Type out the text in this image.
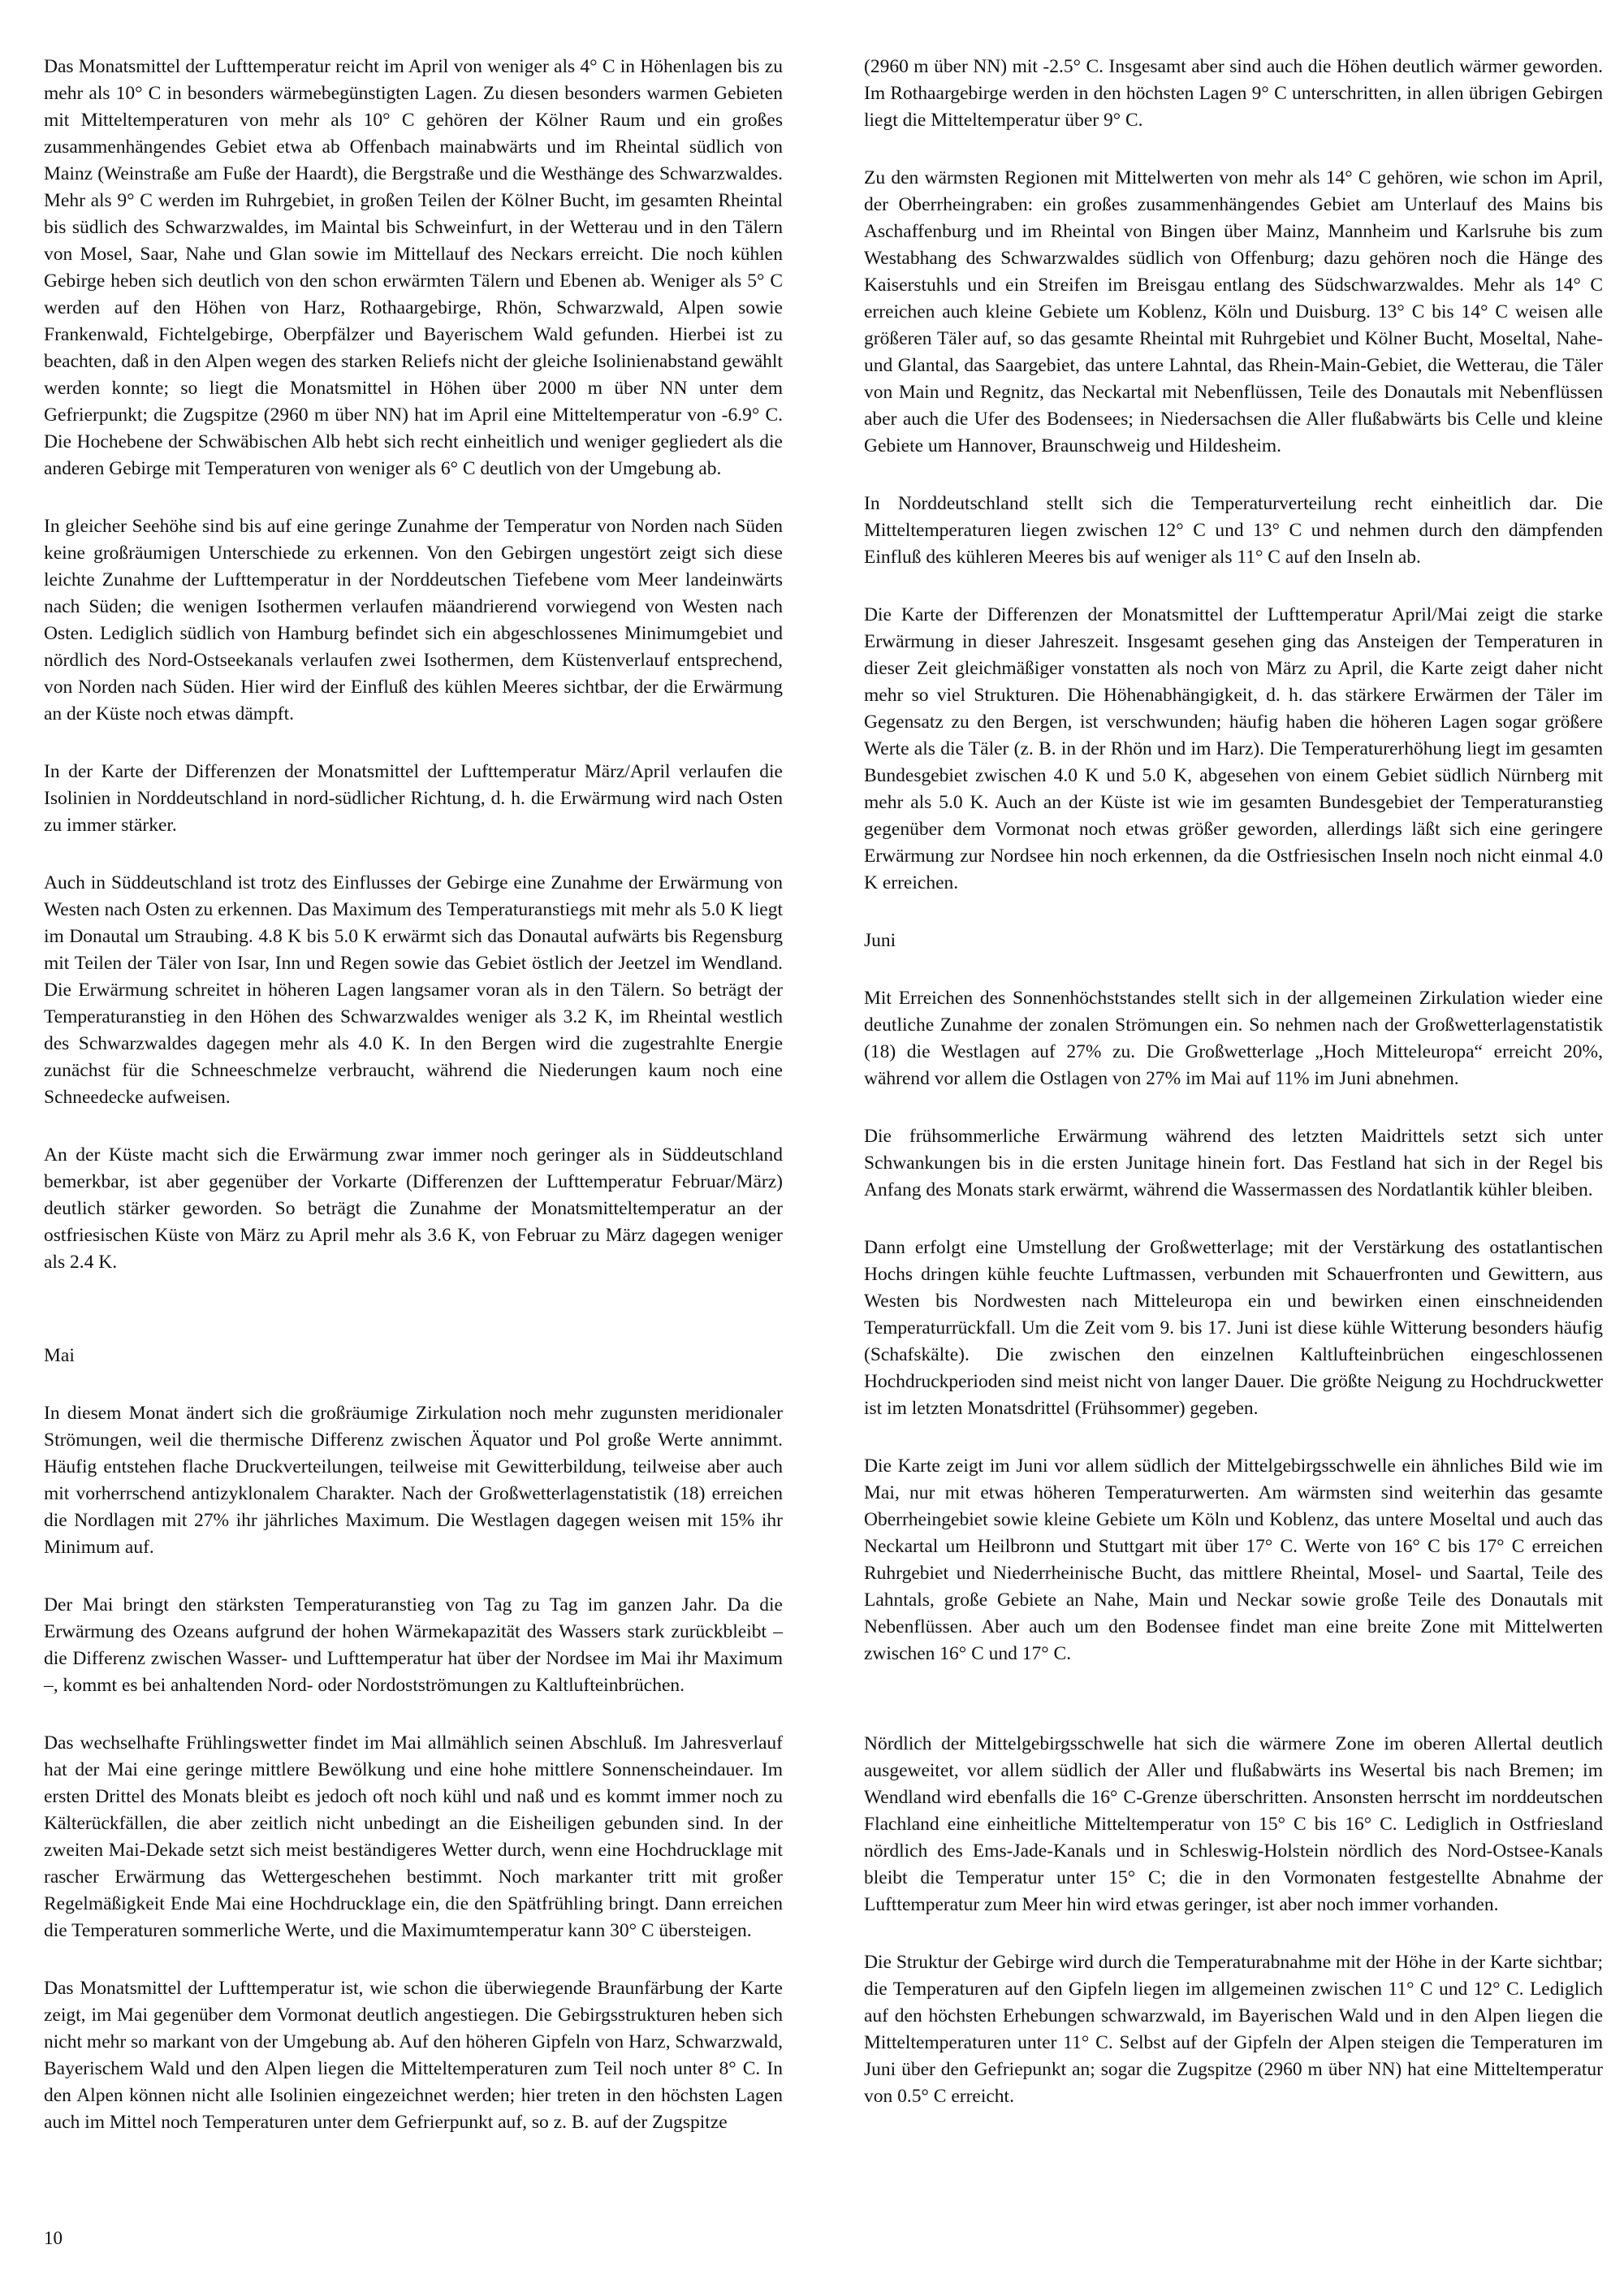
Das Monatsmittel der Lufttemperatur reicht im April von weniger als 4° C in Höhenlagen bis zu mehr als 10° C in besonders wärmebegünstigten Lagen. Zu diesen besonders warmen Gebieten mit Mitteltemperaturen von mehr als 10° C gehören der Kölner Raum und ein großes zusammenhängendes Gebiet etwa ab Offenbach mainabwärts und im Rheintal südlich von Mainz (Weinstraße am Fuße der Haardt), die Bergstraße und die Westhänge des Schwarzwaldes. Mehr als 9° C werden im Ruhrgebiet, in großen Teilen der Kölner Bucht, im gesamten Rheintal bis südlich des Schwarzwaldes, im Maintal bis Schweinfurt, in der Wetterau und in den Tälern von Mosel, Saar, Nahe und Glan sowie im Mittellauf des Neckars erreicht. Die noch kühlen Gebirge heben sich deutlich von den schon erwärmten Tälern und Ebenen ab. Weniger als 5° C werden auf den Höhen von Harz, Rothaargebirge, Rhön, Schwarzwald, Alpen sowie Frankenwald, Fichtelgebirge, Oberpfälzer und Bayerischem Wald gefunden. Hierbei ist zu beachten, daß in den Alpen wegen des starken Reliefs nicht der gleiche Isolinienabstand gewählt werden konnte; so liegt die Monatsmittel in Höhen über 2000 m über NN unter dem Gefrierpunkt; die Zugspitze (2960 m über NN) hat im April eine Mitteltemperatur von -6.9° C. Die Hochebene der Schwäbischen Alb hebt sich recht einheitlich und weniger gegliedert als die anderen Gebirge mit Temperaturen von weniger als 6° C deutlich von der Umgebung ab.

In gleicher Seehöhe sind bis auf eine geringe Zunahme der Temperatur von Norden nach Süden keine großräumigen Unterschiede zu erkennen. Von den Gebirgen ungestört zeigt sich diese leichte Zunahme der Lufttemperatur in der Norddeutschen Tiefebene vom Meer landeinwärts nach Süden; die wenigen Isothermen verlaufen mäandrierend vorwiegend von Westen nach Osten. Lediglich südlich von Hamburg befindet sich ein abgeschlossenes Minimumgebiet und nördlich des Nord-Ostseekanals verlaufen zwei Isothermen, dem Küstenverlauf entsprechend, von Norden nach Süden. Hier wird der Einfluß des kühlen Meeres sichtbar, der die Erwärmung an der Küste noch etwas dämpft.

In der Karte der Differenzen der Monatsmittel der Lufttemperatur März/April verlaufen die Isolinien in Norddeutschland in nord-südlicher Richtung, d. h. die Erwärmung wird nach Osten zu immer stärker.

Auch in Süddeutschland ist trotz des Einflusses der Gebirge eine Zunahme der Erwärmung von Westen nach Osten zu erkennen. Das Maximum des Temperaturanstiegs mit mehr als 5.0 K liegt im Donautal um Straubing. 4.8 K bis 5.0 K erwärmt sich das Donautal aufwärts bis Regensburg mit Teilen der Täler von Isar, Inn und Regen sowie das Gebiet östlich der Jeetzel im Wendland. Die Erwärmung schreitet in höheren Lagen langsamer voran als in den Tälern. So beträgt der Temperaturanstieg in den Höhen des Schwarzwaldes weniger als 3.2 K, im Rheintal westlich des Schwarzwaldes dagegen mehr als 4.0 K. In den Bergen wird die zugestrahlte Energie zunächst für die Schneeschmelze verbraucht, während die Niederungen kaum noch eine Schneedecke aufweisen.

An der Küste macht sich die Erwärmung zwar immer noch geringer als in Süddeutschland bemerkbar, ist aber gegenüber der Vorkarte (Differenzen der Lufttemperatur Februar/März) deutlich stärker geworden. So beträgt die Zunahme der Monatsmitteltemperatur an der ostfriesischen Küste von März zu April mehr als 3.6 K, von Februar zu März dagegen weniger als 2.4 K.

Mai

In diesem Monat ändert sich die großräumige Zirkulation noch mehr zugunsten meridionaler Strömungen, weil die thermische Differenz zwischen Äquator und Pol große Werte annimmt. Häufig entstehen flache Druckverteilungen, teilweise mit Gewitterbildung, teilweise aber auch mit vorherrschend antizyklonalem Charakter. Nach der Großwetterlagenstatistik (18) erreichen die Nordlagen mit 27% ihr jährliches Maximum. Die Westlagen dagegen weisen mit 15% ihr Minimum auf.

Der Mai bringt den stärksten Temperaturanstieg von Tag zu Tag im ganzen Jahr. Da die Erwärmung des Ozeans aufgrund der hohen Wärmekapazität des Wassers stark zurückbleibt – die Differenz zwischen Wasser- und Lufttemperatur hat über der Nordsee im Mai ihr Maximum –, kommt es bei anhaltenden Nord- oder Nordostströmungen zu Kaltlufteinbrüchen.

Das wechselhafte Frühlingswetter findet im Mai allmählich seinen Abschluß. Im Jahresverlauf hat der Mai eine geringe mittlere Bewölkung und eine hohe mittlere Sonnenscheindauer. Im ersten Drittel des Monats bleibt es jedoch oft noch kühl und naß und es kommt immer noch zu Kälterückfällen, die aber zeitlich nicht unbedingt an die Eisheiligen gebunden sind. In der zweiten Mai-Dekade setzt sich meist beständigeres Wetter durch, wenn eine Hochdrucklage mit rascher Erwärmung das Wettergeschehen bestimmt. Noch markanter tritt mit großer Regelmäßigkeit Ende Mai eine Hochdrucklage ein, die den Spätfrühling bringt. Dann erreichen die Temperaturen sommerliche Werte, und die Maximumtemperatur kann 30° C übersteigen.

Das Monatsmittel der Lufttemperatur ist, wie schon die überwiegende Braunfärbung der Karte zeigt, im Mai gegenüber dem Vormonat deutlich angestiegen. Die Gebirgsstrukturen heben sich nicht mehr so markant von der Umgebung ab. Auf den höheren Gipfeln von Harz, Schwarzwald, Bayerischem Wald und den Alpen liegen die Mitteltemperaturen zum Teil noch unter 8° C. In den Alpen können nicht alle Isolinien eingezeichnet werden; hier treten in den höchsten Lagen auch im Mittel noch Temperaturen unter dem Gefrierpunkt auf, so z. B. auf der Zugspitze

(2960 m über NN) mit -2.5° C. Insgesamt aber sind auch die Höhen deutlich wärmer geworden. Im Rothaargebirge werden in den höchsten Lagen 9° C unterschritten, in allen übrigen Gebirgen liegt die Mitteltemperatur über 9° C.

Zu den wärmsten Regionen mit Mittelwerten von mehr als 14° C gehören, wie schon im April, der Oberrheingraben: ein großes zusammenhängendes Gebiet am Unterlauf des Mains bis Aschaffenburg und im Rheintal von Bingen über Mainz, Mannheim und Karlsruhe bis zum Westabhang des Schwarzwaldes südlich von Offenburg; dazu gehören noch die Hänge des Kaiserstuhls und ein Streifen im Breisgau entlang des Südschwarzwaldes. Mehr als 14° C erreichen auch kleine Gebiete um Koblenz, Köln und Duisburg. 13° C bis 14° C weisen alle größeren Täler auf, so das gesamte Rheintal mit Ruhrgebiet und Kölner Bucht, Moseltal, Nahe- und Glantal, das Saargebiet, das untere Lahntal, das Rhein-Main-Gebiet, die Wetterau, die Täler von Main und Regnitz, das Neckartal mit Nebenflüssen, Teile des Donautals mit Nebenflüssen aber auch die Ufer des Bodensees; in Niedersachsen die Aller flußabwärts bis Celle und kleine Gebiete um Hannover, Braunschweig und Hildesheim.

In Norddeutschland stellt sich die Temperaturverteilung recht einheitlich dar. Die Mitteltemperaturen liegen zwischen 12° C und 13° C und nehmen durch den dämpfenden Einfluß des kühleren Meeres bis auf weniger als 11° C auf den Inseln ab.

Die Karte der Differenzen der Monatsmittel der Lufttemperatur April/Mai zeigt die starke Erwärmung in dieser Jahreszeit. Insgesamt gesehen ging das Ansteigen der Temperaturen in dieser Zeit gleichmäßiger vonstatten als noch von März zu April, die Karte zeigt daher nicht mehr so viel Strukturen. Die Höhenabhängigkeit, d. h. das stärkere Erwärmen der Täler im Gegensatz zu den Bergen, ist verschwunden; häufig haben die höheren Lagen sogar größere Werte als die Täler (z. B. in der Rhön und im Harz). Die Temperaturerhöhung liegt im gesamten Bundesgebiet zwischen 4.0 K und 5.0 K, abgesehen von einem Gebiet südlich Nürnberg mit mehr als 5.0 K. Auch an der Küste ist wie im gesamten Bundesgebiet der Temperaturanstieg gegenüber dem Vormonat noch etwas größer geworden, allerdings läßt sich eine geringere Erwärmung zur Nordsee hin noch erkennen, da die Ostfriesischen Inseln noch nicht einmal 4.0 K erreichen.

Juni

Mit Erreichen des Sonnenhöchststandes stellt sich in der allgemeinen Zirkulation wieder eine deutliche Zunahme der zonalen Strömungen ein. So nehmen nach der Großwetterlagenstatistik (18) die Westlagen auf 27% zu. Die Großwetterlage „Hoch Mitteleuropa“ erreicht 20%, während vor allem die Ostlagen von 27% im Mai auf 11% im Juni abnehmen.

Die frühsommerliche Erwärmung während des letzten Maidrittels setzt sich unter Schwankungen bis in die ersten Junitage hinein fort. Das Festland hat sich in der Regel bis Anfang des Monats stark erwärmt, während die Wassermassen des Nordatlantik kühler bleiben.

Dann erfolgt eine Umstellung der Großwetterlage; mit der Verstärkung des ostatlantischen Hochs dringen kühle feuchte Luftmassen, verbunden mit Schauerfronten und Gewittern, aus Westen bis Nordwesten nach Mitteleuropa ein und bewirken einen einschneidenden Temperaturrückfall. Um die Zeit vom 9. bis 17. Juni ist diese kühle Witterung besonders häufig (Schafskälte). Die zwischen den einzelnen Kaltlufteinbrüchen eingeschlossenen Hochdruckperioden sind meist nicht von langer Dauer. Die größte Neigung zu Hochdruckwetter ist im letzten Monatsdrittel (Frühsommer) gegeben.

Die Karte zeigt im Juni vor allem südlich der Mittelgebirgsschwelle ein ähnliches Bild wie im Mai, nur mit etwas höheren Temperaturwerten. Am wärmsten sind weiterhin das gesamte Oberrheingebiet sowie kleine Gebiete um Köln und Koblenz, das untere Moseltal und auch das Neckartal um Heilbronn und Stuttgart mit über 17° C. Werte von 16° C bis 17° C erreichen Ruhrgebiet und Niederrheinische Bucht, das mittlere Rheintal, Mosel- und Saartal, Teile des Lahntals, große Gebiete an Nahe, Main und Neckar sowie große Teile des Donautals mit Nebenflüssen. Aber auch um den Bodensee findet man eine breite Zone mit Mittelwerten zwischen 16° C und 17° C.

Nördlich der Mittelgebirgsschwelle hat sich die wärmere Zone im oberen Allertal deutlich ausgeweitet, vor allem südlich der Aller und flußabwärts ins Wesertal bis nach Bremen; im Wendland wird ebenfalls die 16° C-Grenze überschritten. Ansonsten herrscht im norddeutschen Flachland eine einheitliche Mitteltemperatur von 15° C bis 16° C. Lediglich in Ostfriesland nördlich des Ems-Jade-Kanals und in Schleswig-Holstein nördlich des Nord-Ostsee-Kanals bleibt die Temperatur unter 15° C; die in den Vormonaten festgestellte Abnahme der Lufttemperatur zum Meer hin wird etwas geringer, ist aber noch immer vorhanden.

Die Struktur der Gebirge wird durch die Temperaturabnahme mit der Höhe in der Karte sichtbar; die Temperaturen auf den Gipfeln liegen im allgemeinen zwischen 11° C und 12° C. Lediglich auf den höchsten Erhebungen schwarzwald, im Bayerischen Wald und in den Alpen liegen die Mitteltemperaturen unter 11° C. Selbst auf der Gipfeln der Alpen steigen die Temperaturen im Juni über den Gefriepunkt an; sogar die Zugspitze (2960 m über NN) hat eine Mitteltemperatur von 0.5° C erreicht.

10
